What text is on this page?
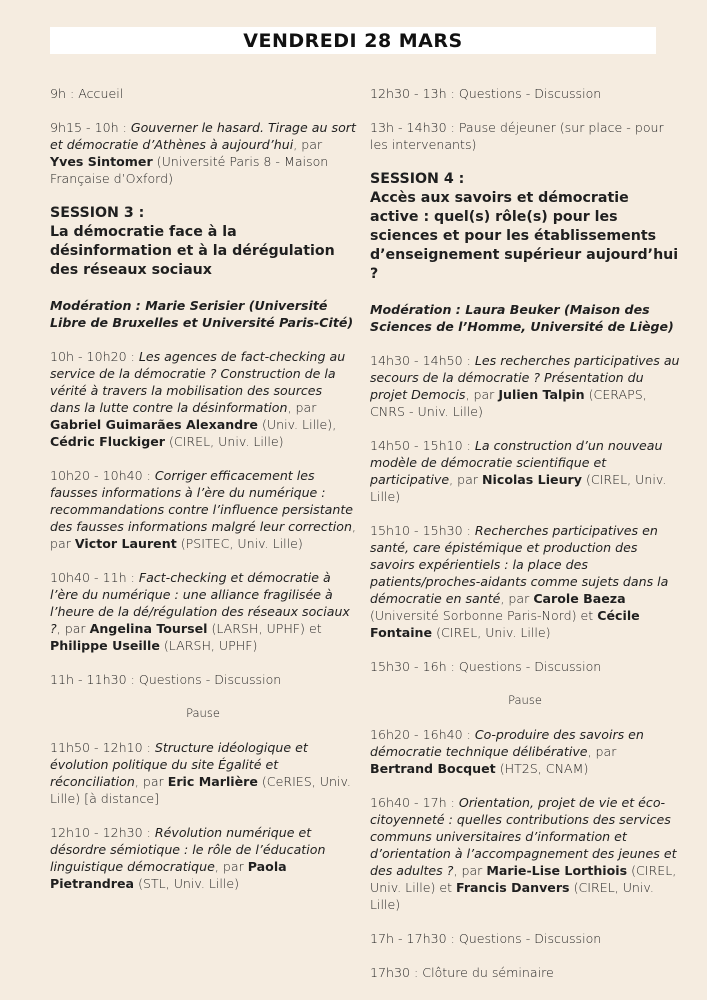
VENDREDI 28 MARS

9h : Accueil

9h15 - 10h : Gouverner le hasard. Tirage au sort et démocratie d’Athènes à aujourd’hui, par Yves Sintomer (Université Paris 8 - Maison Française d’Oxford)

SESSION 3 :
La démocratie face à la désinformation et à la dérégulation des réseaux sociaux

Modération : Marie Serisier (Université Libre de Bruxelles et Université Paris-Cité)

10h - 10h20 : Les agences de fact-checking au service de la démocratie ? Construction de la vérité à travers la mobilisation des sources dans la lutte contre la désinformation, par Gabriel Guimarães Alexandre (Univ. Lille), Cédric Fluckiger (CIREL, Univ. Lille)

10h20 - 10h40 : Corriger efficacement les fausses informations à l’ère du numérique : recommandations contre l’influence persistante des fausses informations malgré leur correction, par Victor Laurent (PSITEC, Univ. Lille)

10h40 - 11h : Fact-checking et démocratie à l’ère du numérique : une alliance fragilisée à l’heure de la dé/régulation des réseaux sociaux ?, par Angelina Toursel (LARSH, UPHF) et Philippe Useille (LARSH, UPHF)

11h - 11h30 : Questions - Discussion

Pause

11h50 - 12h10 : Structure idéologique et évolution politique du site Égalité et réconciliation, par Eric Marlière (CeRIES, Univ. Lille) [à distance]

12h10 - 12h30 : Révolution numérique et désordre sémiotique : le rôle de l’éducation linguistique démocratique, par Paola Pietrandrea (STL, Univ. Lille)

12h30 - 13h : Questions - Discussion

13h - 14h30 : Pause déjeuner (sur place - pour les intervenants)

SESSION 4 :
Accès aux savoirs et démocratie active : quel(s) rôle(s) pour les sciences et pour les établissements d’enseignement supérieur aujourd’hui ?

Modération : Laura Beuker (Maison des Sciences de l’Homme, Université de Liège)

14h30 - 14h50 : Les recherches participatives au secours de la démocratie ? Présentation du projet Democis, par Julien Talpin (CERAPS, CNRS - Univ. Lille)

14h50 - 15h10 : La construction d’un nouveau modèle de démocratie scientifique et participative, par Nicolas Lieury (CIREL, Univ. Lille)

15h10 - 15h30 : Recherches participatives en santé, care épistémique et production des savoirs expérientiels : la place des patients/proches-aidants comme sujets dans la démocratie en santé, par Carole Baeza (Université Sorbonne Paris-Nord) et Cécile Fontaine (CIREL, Univ. Lille)

15h30 - 16h : Questions - Discussion

Pause

16h20 - 16h40 : Co-produire des savoirs en démocratie technique délibérative, par Bertrand Bocquet (HT2S, CNAM)

16h40 - 17h : Orientation, projet de vie et éco-citoyenneté : quelles contributions des services communs universitaires d’information et d’orientation à l’accompagnement des jeunes et des adultes ?, par Marie-Lise Lorthiois (CIREL, Univ. Lille) et Francis Danvers (CIREL, Univ. Lille)

17h - 17h30 : Questions - Discussion

17h30 : Clôture du séminaire
